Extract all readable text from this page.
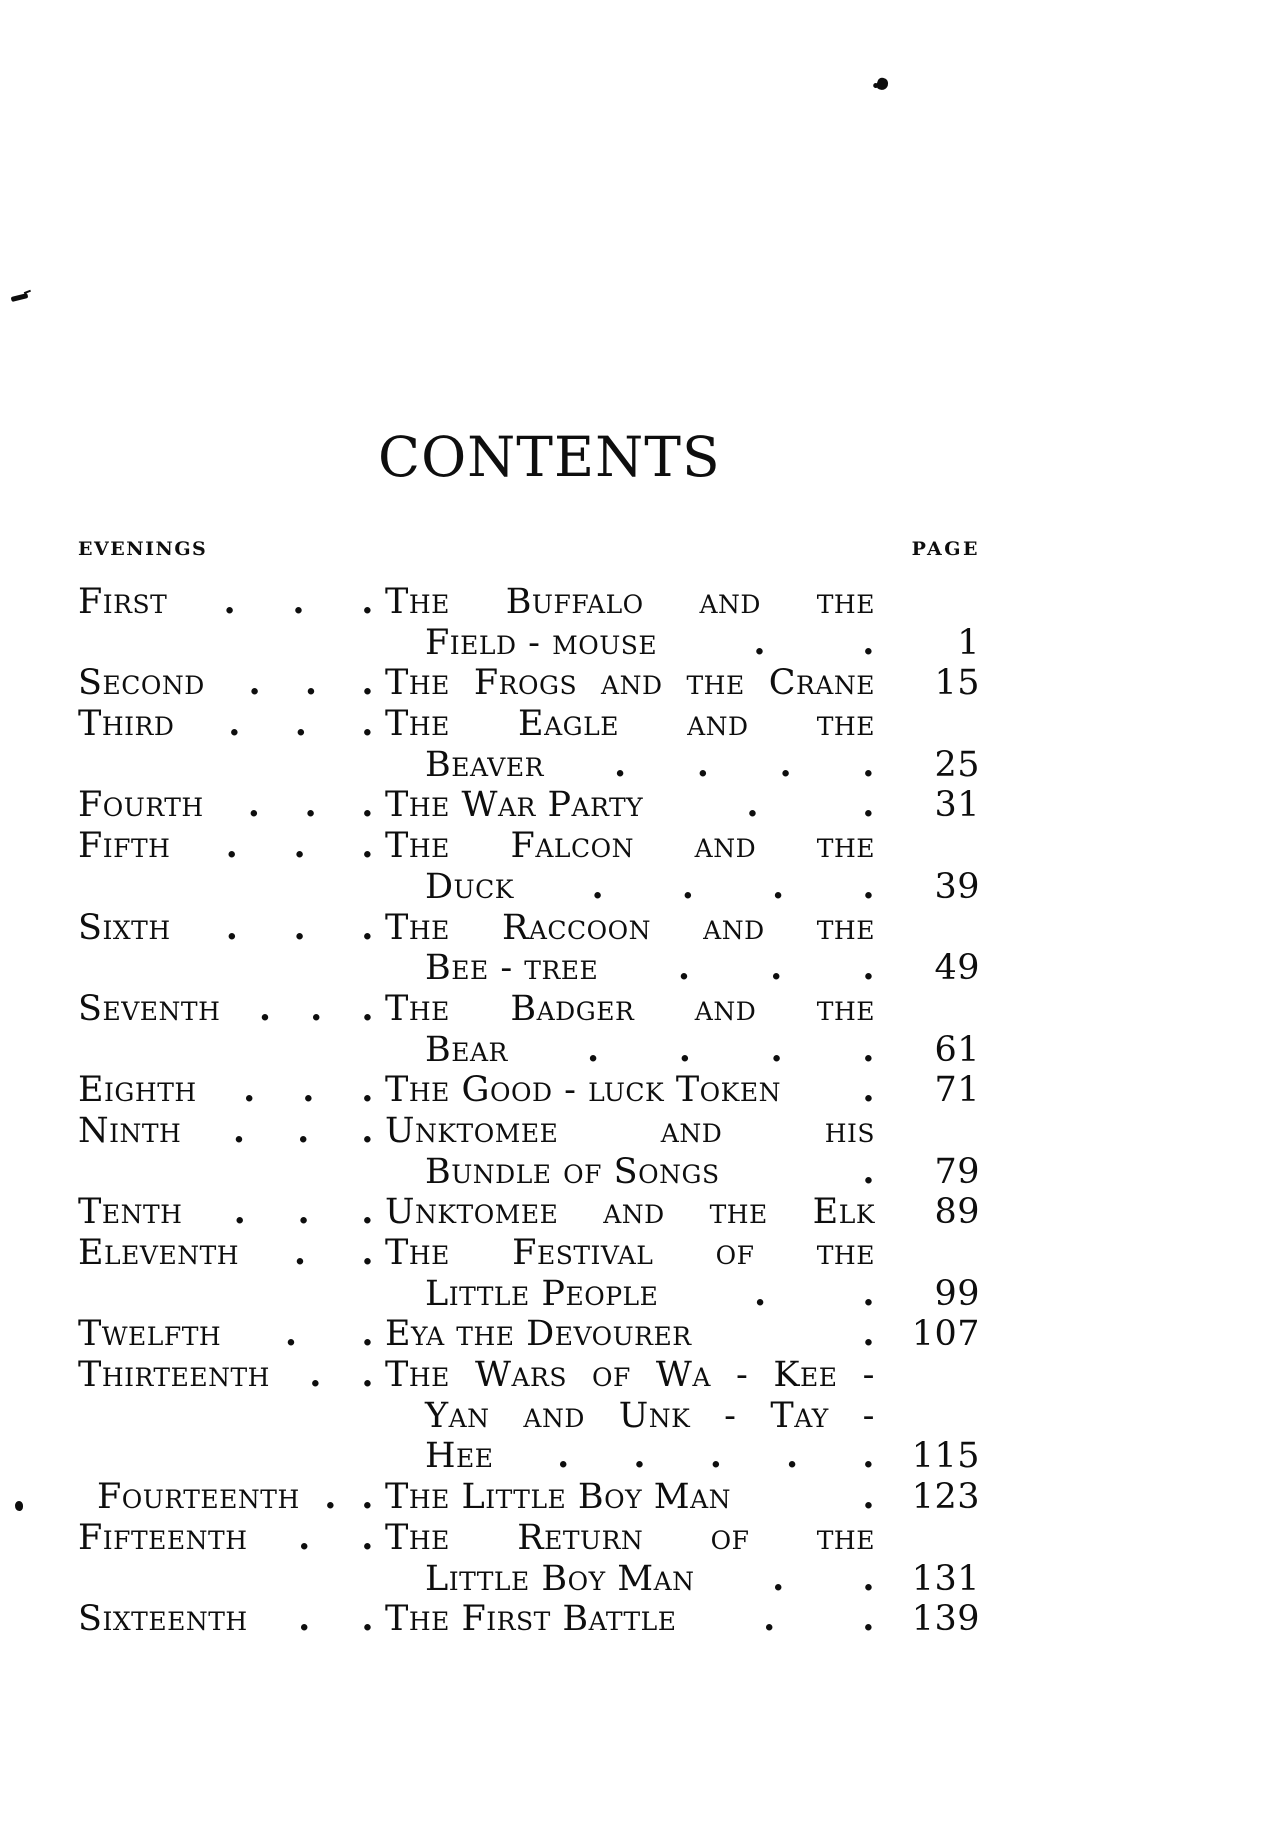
CONTENTS
EVENINGS	PAGE
First . . . The Buffalo and the
Field - mouse	.	.	1
Second . . . The Frogs and the Crane	15
Third . . . The Eagle and the
Beaver . . . .	25
Fourth . . . The War Party	.	.	31
Fifth . . . The Falcon and the
Duck . . . .	39
Sixth . . . The Raccoon and the
Bee - tree . . .	49
Seventh . . . The Badger and the
Bear . . . .	61
Eighth . . . The Good - luck Token .	71
Ninth . . . Unktomee	and	his
Bundle of Songs	.	79
Tenth . . . Unktomee and the Elk	89
Eleventh . . The Festival of the
Little People	.	.	99
Twelfth . . Eya the Devourer	.	107
Thirteenth . . The Wars of Wa - Kee -
Yan and Unk - Tay -
Hee . . . . .	115
Fourteenth . . The Little Boy Man	.	123
Fifteenth . . The Return of the
Little Boy Man . .	131
Sixteenth . . The First Battle . .	139
